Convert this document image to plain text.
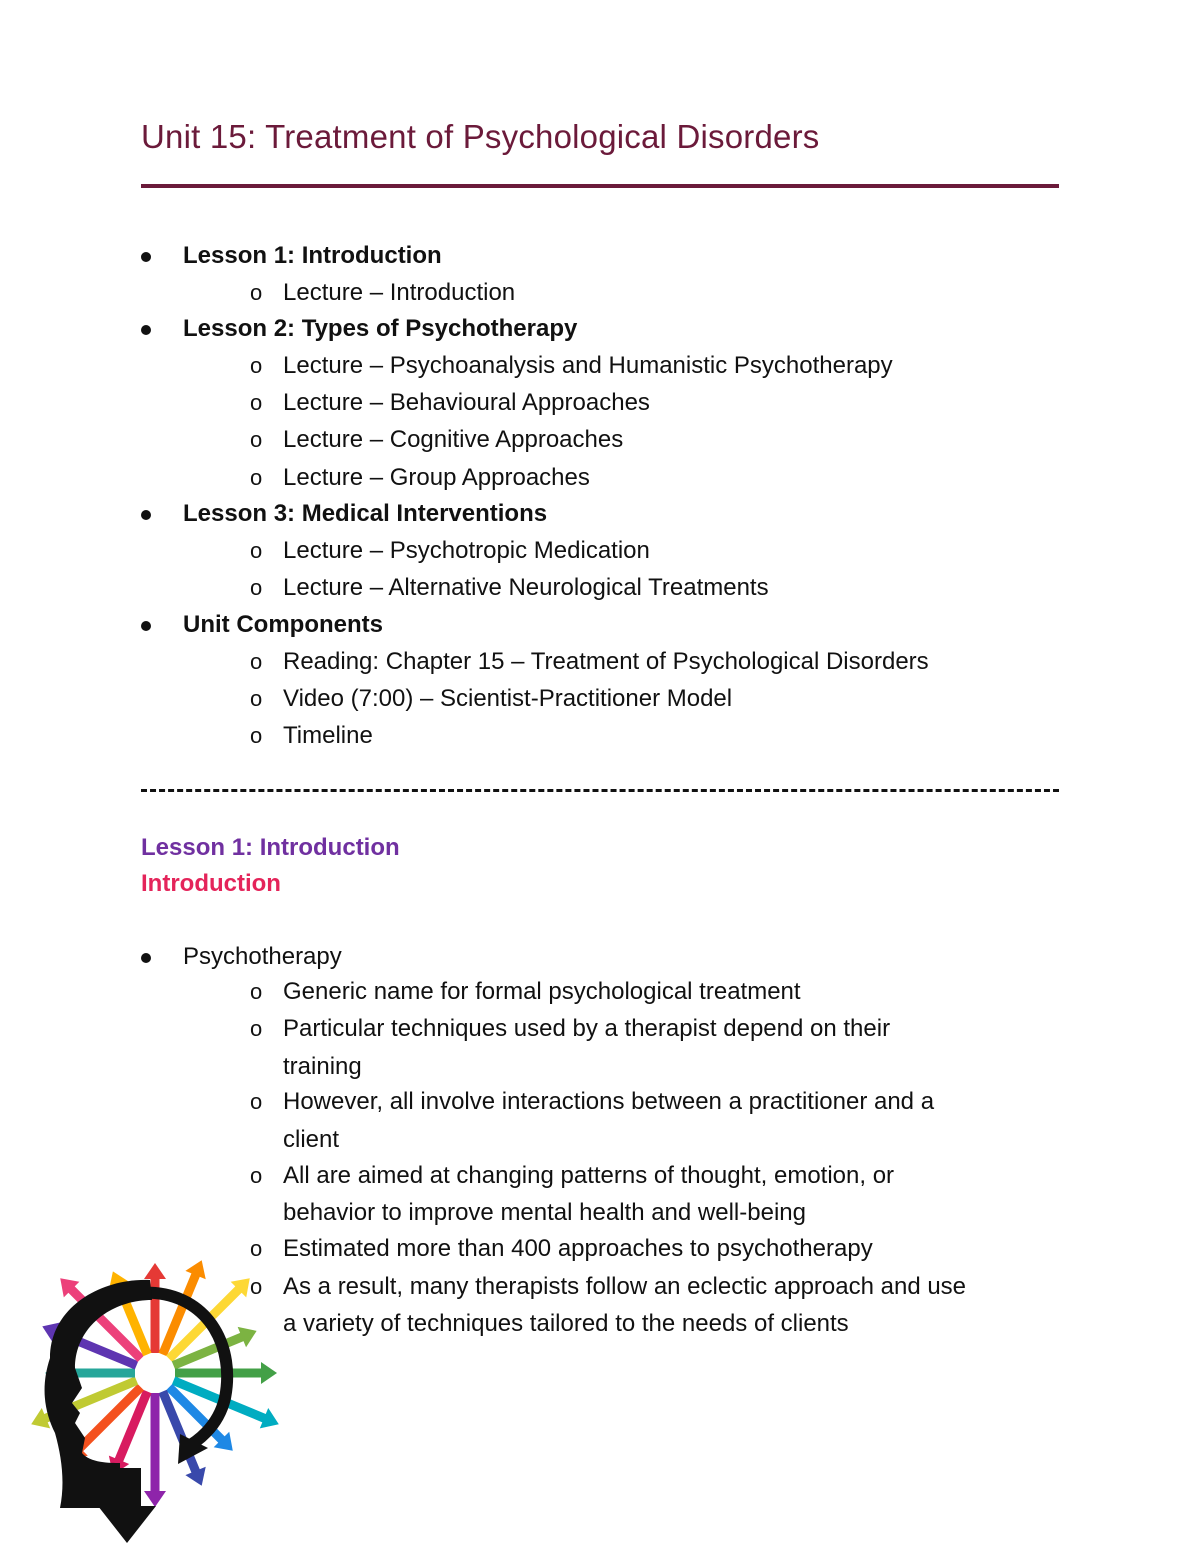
Unit 15: Treatment of Psychological Disorders
Lesson 1: Introduction
o Lecture – Introduction
Lesson 2: Types of Psychotherapy
o Lecture – Psychoanalysis and Humanistic Psychotherapy
o Lecture – Behavioural Approaches
o Lecture – Cognitive Approaches
o Lecture – Group Approaches
Lesson 3: Medical Interventions
o Lecture – Psychotropic Medication
o Lecture – Alternative Neurological Treatments
Unit Components
o Reading: Chapter 15 – Treatment of Psychological Disorders
o Video (7:00) – Scientist-Practitioner Model
o Timeline
Lesson 1: Introduction
Introduction
Psychotherapy
o Generic name for formal psychological treatment
o Particular techniques used by a therapist depend on their
training
o However, all involve interactions between a practitioner and a
client
o All are aimed at changing patterns of thought, emotion, or
behavior to improve mental health and well-being
o Estimated more than 400 approaches to psychotherapy
o As a result, many therapists follow an eclectic approach and use
a variety of techniques tailored to the needs of clients
